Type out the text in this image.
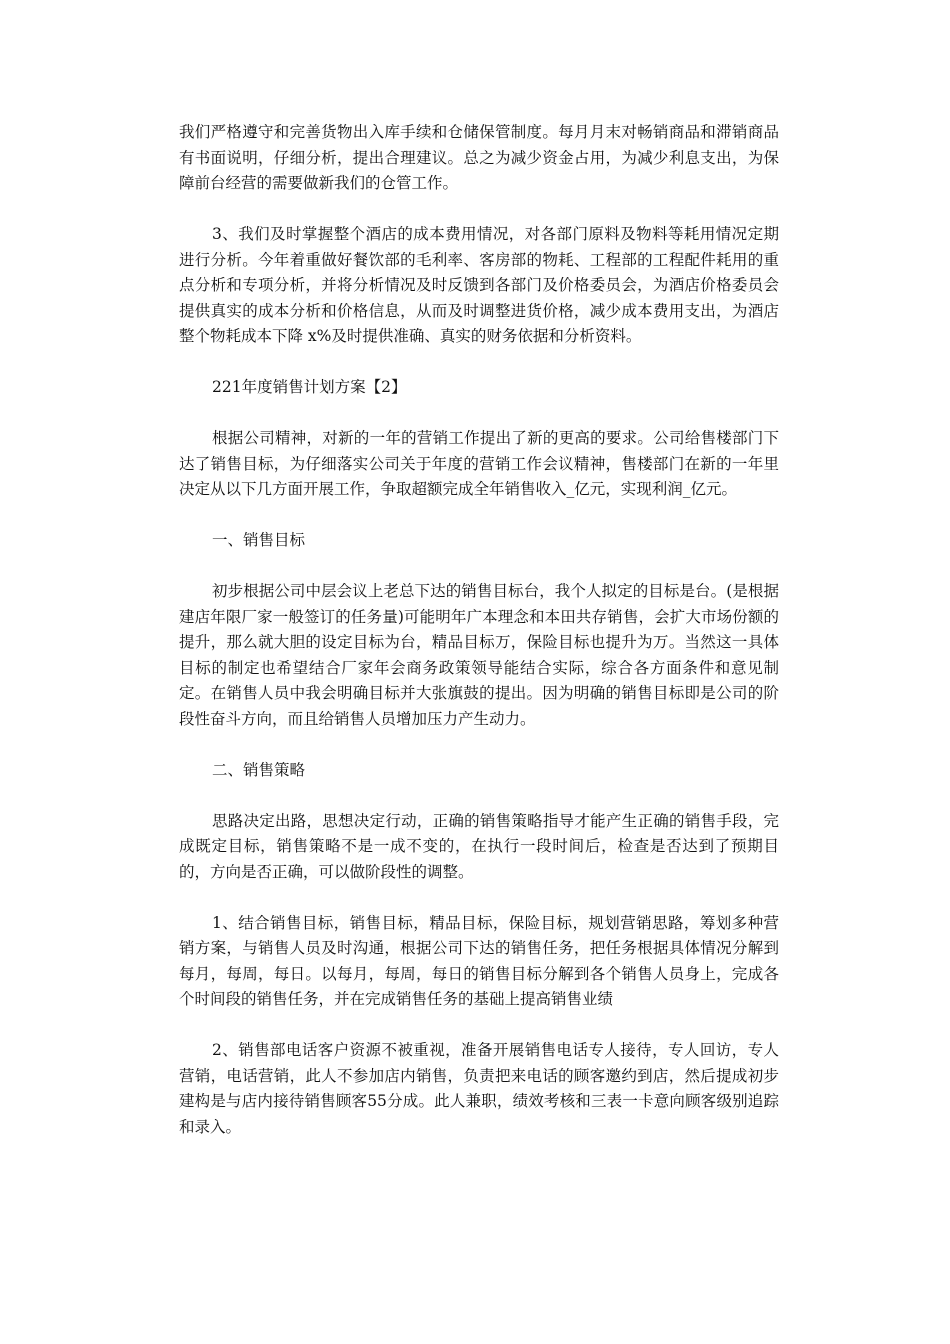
我们严格遵守和完善货物出入库手续和仓储保管制度。每月月末对畅销商品和滞销商品有书面说明，仔细分析，提出合理建议。总之为减少资金占用，为减少利息支出，为保障前台经营的需要做新我们的仓管工作。

3、我们及时掌握整个酒店的成本费用情况，对各部门原料及物料等耗用情况定期进行分析。今年着重做好餐饮部的毛利率、客房部的物耗、工程部的工程配件耗用的重点分析和专项分析，并将分析情况及时反馈到各部门及价格委员会，为酒店价格委员会提供真实的成本分析和价格信息，从而及时调整进货价格，减少成本费用支出，为酒店整个物耗成本下降 x%及时提供准确、真实的财务依据和分析资料。

221年度销售计划方案【2】

根据公司精神，对新的一年的营销工作提出了新的更高的要求。公司给售楼部门下达了销售目标，为仔细落实公司关于年度的营销工作会议精神，售楼部门在新的一年里决定从以下几方面开展工作，争取超额完成全年销售收入_亿元，实现利润_亿元。

一、销售目标

初步根据公司中层会议上老总下达的销售目标台，我个人拟定的目标是台。(是根据建店年限厂家一般签订的任务量)可能明年广本理念和本田共存销售，会扩大市场份额的提升，那么就大胆的设定目标为台，精品目标万，保险目标也提升为万。当然这一具体目标的制定也希望结合厂家年会商务政策领导能结合实际，综合各方面条件和意见制定。在销售人员中我会明确目标并大张旗鼓的提出。因为明确的销售目标即是公司的阶段性奋斗方向，而且给销售人员增加压力产生动力。

二、销售策略

思路决定出路，思想决定行动，正确的销售策略指导才能产生正确的销售手段，完成既定目标，销售策略不是一成不变的，在执行一段时间后，检查是否达到了预期目的，方向是否正确，可以做阶段性的调整。

1、结合销售目标，销售目标，精品目标，保险目标，规划营销思路，筹划多种营销方案，与销售人员及时沟通，根据公司下达的销售任务，把任务根据具体情况分解到每月，每周，每日。以每月，每周，每日的销售目标分解到各个销售人员身上，完成各个时间段的销售任务，并在完成销售任务的基础上提高销售业绩

2、销售部电话客户资源不被重视，准备开展销售电话专人接待，专人回访，专人营销，电话营销，此人不参加店内销售，负责把来电话的顾客邀约到店，然后提成初步建构是与店内接待销售顾客55分成。此人兼职，绩效考核和三表一卡意向顾客级别追踪和录入。
